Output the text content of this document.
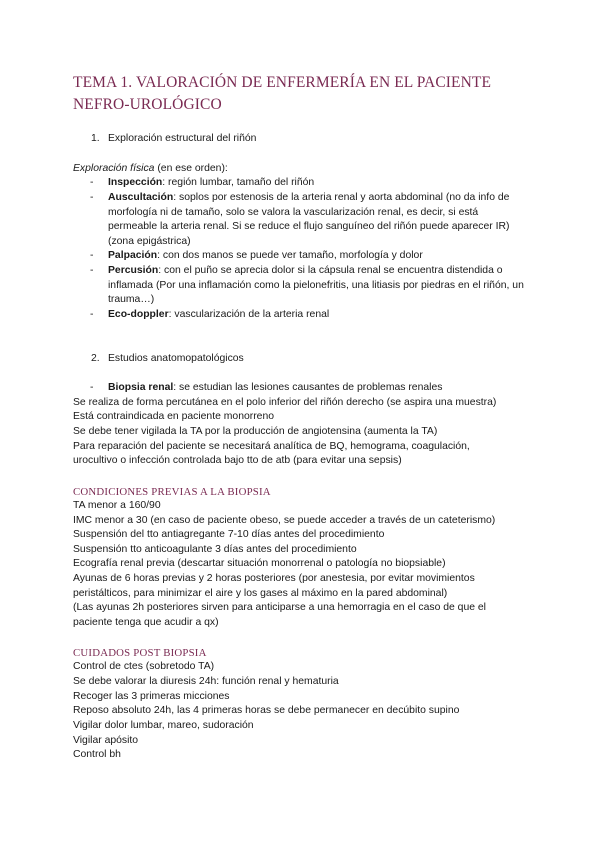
TEMA 1. VALORACIÓN DE ENFERMERÍA EN EL PACIENTE NEFRO-UROLÓGICO
1. Exploración estructural del riñón
Exploración física (en ese orden):
- Inspección: región lumbar, tamaño del riñón
- Auscultación: soplos por estenosis de la arteria renal y aorta abdominal (no da info de morfología ni de tamaño, solo se valora la vascularización renal, es decir, si está permeable la arteria renal. Si se reduce el flujo sanguíneo del riñón puede aparecer IR) (zona epigástrica)
- Palpación: con dos manos se puede ver tamaño, morfología y dolor
- Percusión: con el puño se aprecia dolor si la cápsula renal se encuentra distendida o inflamada (Por una inflamación como la pielonefritis, una litiasis por piedras en el riñón, un trauma…)
- Eco-doppler: vascularización de la arteria renal
2. Estudios anatomopatológicos
- Biopsia renal: se estudian las lesiones causantes de problemas renales
Se realiza de forma percutánea en el polo inferior del riñón derecho (se aspira una muestra)
Está contraindicada en paciente monorreno
Se debe tener vigilada la TA por la producción de angiotensina (aumenta la TA)
Para reparación del paciente se necesitará analítica de BQ, hemograma, coagulación,
urocultivo o infección controlada bajo tto de atb (para evitar una sepsis)
CONDICIONES PREVIAS A LA BIOPSIA
TA menor a 160/90
IMC menor a 30 (en caso de paciente obeso, se puede acceder a través de un cateterismo)
Suspensión del tto antiagregante 7-10 días antes del procedimiento
Suspensión tto anticoagulante 3 días antes del procedimiento
Ecografía renal previa (descartar situación monorrenal o patología no biopsiable)
Ayunas de 6 horas previas y 2 horas posteriores (por anestesia, por evitar movimientos
peristálticos, para minimizar el aire y los gases al máximo en la pared abdominal)
(Las ayunas 2h posteriores sirven para anticiparse a una hemorragia en el caso de que el
paciente tenga que acudir a qx)
CUIDADOS POST BIOPSIA
Control de ctes (sobretodo TA)
Se debe valorar la diuresis 24h: función renal y hematuria
Recoger las 3 primeras micciones
Reposo absoluto 24h, las 4 primeras horas se debe permanecer en decúbito supino
Vigilar dolor lumbar, mareo, sudoración
Vigilar apósito
Control bh
